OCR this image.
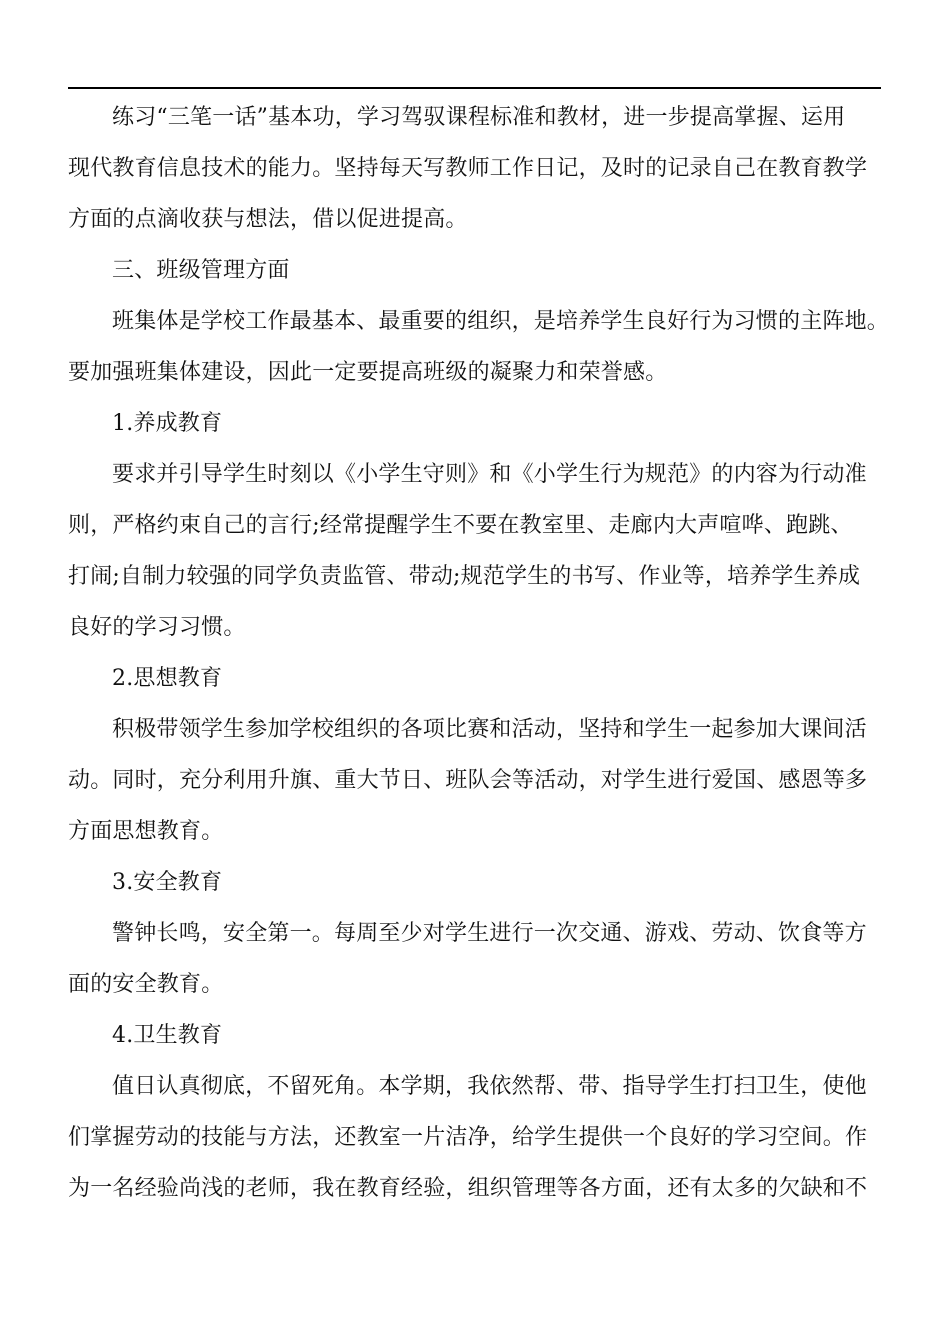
练习“三笔一话”基本功，学习驾驭课程标准和教材，进一步提高掌握、运用
现代教育信息技术的能力。坚持每天写教师工作日记，及时的记录自己在教育教学
方面的点滴收获与想法，借以促进提高。
三、班级管理方面
班集体是学校工作最基本、最重要的组织，是培养学生良好行为习惯的主阵地。
要加强班集体建设，因此一定要提高班级的凝聚力和荣誉感。
1.养成教育
要求并引导学生时刻以《小学生守则》和《小学生行为规范》的内容为行动准
则，严格约束自己的言行;经常提醒学生不要在教室里、走廊内大声喧哗、跑跳、
打闹;自制力较强的同学负责监管、带动;规范学生的书写、作业等，培养学生养成
良好的学习习惯。
2.思想教育
积极带领学生参加学校组织的各项比赛和活动，坚持和学生一起参加大课间活
动。同时，充分利用升旗、重大节日、班队会等活动，对学生进行爱国、感恩等多
方面思想教育。
3.安全教育
警钟长鸣，安全第一。每周至少对学生进行一次交通、游戏、劳动、饮食等方
面的安全教育。
4.卫生教育
值日认真彻底，不留死角。本学期，我依然帮、带、指导学生打扫卫生，使他
们掌握劳动的技能与方法，还教室一片洁净，给学生提供一个良好的学习空间。作
为一名经验尚浅的老师，我在教育经验，组织管理等各方面，还有太多的欠缺和不
